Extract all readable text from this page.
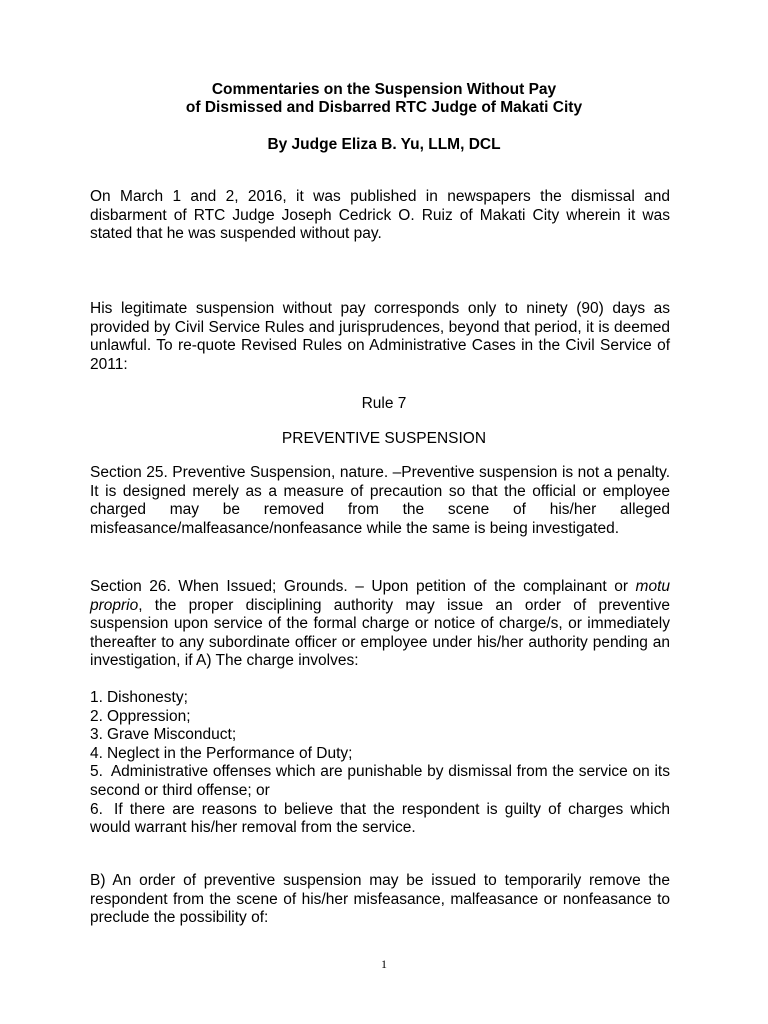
Commentaries on the Suspension Without Pay
of Dismissed and Disbarred RTC Judge of Makati City
By Judge Eliza B. Yu, LLM, DCL
On March 1 and 2, 2016, it was published in newspapers the dismissal and disbarment of RTC Judge Joseph Cedrick O. Ruiz of Makati City wherein it was stated that he was suspended without pay.
His legitimate suspension without pay corresponds only to ninety (90) days as provided by Civil Service Rules and jurisprudences, beyond that period, it is deemed unlawful. To re-quote Revised Rules on Administrative Cases in the Civil Service of 2011:
Rule 7
PREVENTIVE SUSPENSION
Section 25. Preventive Suspension, nature. –Preventive suspension is not a penalty. It is designed merely as a measure of precaution so that the official or employee charged may be removed from the scene of his/her alleged misfeasance/malfeasance/nonfeasance while the same is being investigated.
Section 26. When Issued; Grounds. – Upon petition of the complainant or motu proprio, the proper disciplining authority may issue an order of preventive suspension upon service of the formal charge or notice of charge/s, or immediately thereafter to any subordinate officer or employee under his/her authority pending an investigation, if A) The charge involves:
1. Dishonesty;
2. Oppression;
3. Grave Misconduct;
4. Neglect in the Performance of Duty;
5. Administrative offenses which are punishable by dismissal from the service on its second or third offense; or
6. If there are reasons to believe that the respondent is guilty of charges which would warrant his/her removal from the service.
B) An order of preventive suspension may be issued to temporarily remove the respondent from the scene of his/her misfeasance, malfeasance or nonfeasance to preclude the possibility of:
1
